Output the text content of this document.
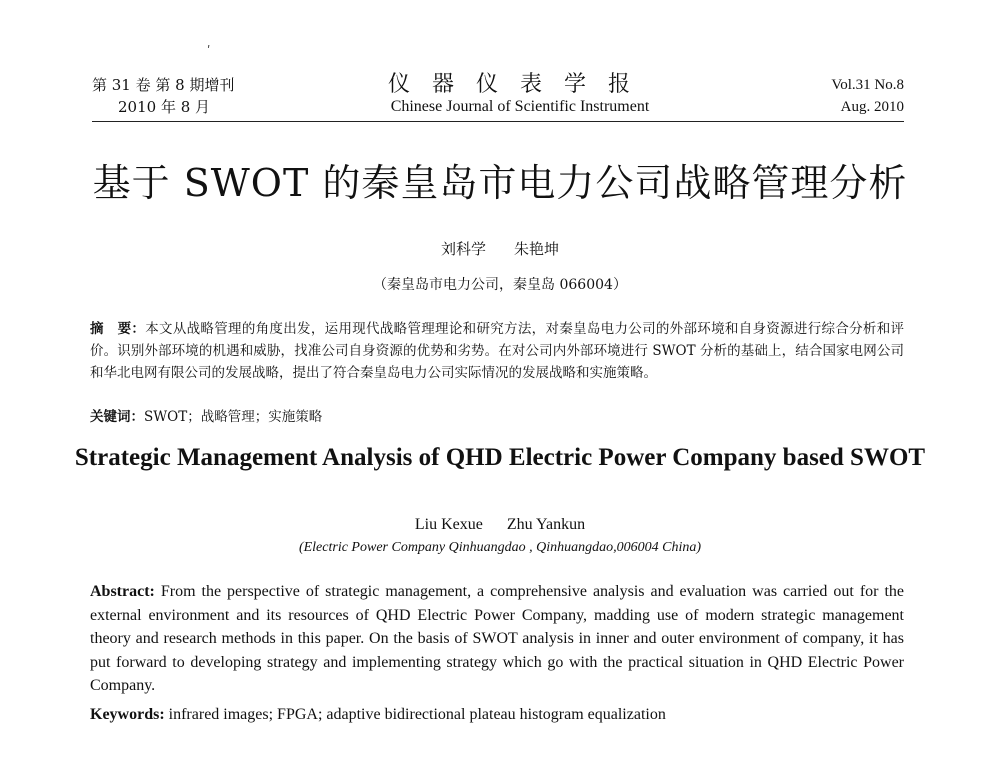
ʹ
第 31 卷 第 8 期增刊
2010 年 8 月
仪器仪表学报
Chinese Journal of Scientific Instrument
Vol.31 No.8
Aug. 2010
基于 SWOT 的秦皇岛市电力公司战略管理分析
刘科学 朱艳坤
（秦皇岛市电力公司，秦皇岛 066004）
摘　要：本文从战略管理的角度出发，运用现代战略管理理论和研究方法，对秦皇岛电力公司的外部环境和自身资源进行综合分析和评价。识别外部环境的机遇和威胁，找准公司自身资源的优势和劣势。在对公司内外部环境进行 SWOT 分析的基础上，结合国家电网公司和华北电网有限公司的发展战略，提出了符合秦皇岛电力公司实际情况的发展战略和实施策略。
关键词：SWOT；战略管理；实施策略
Strategic Management Analysis of QHD Electric Power Company based SWOT
Liu Kexue Zhu Yankun
(Electric Power Company Qinhuangdao , Qinhuangdao,006004 China)
Abstract: From the perspective of strategic management, a comprehensive analysis and evaluation was carried out for the external environment and its resources of QHD Electric Power Company, madding use of modern strategic management theory and research methods in this paper. On the basis of SWOT analysis in inner and outer environment of company, it has put forward to developing strategy and implementing strategy which go with the practical situation in QHD Electric Power Company.
Keywords: infrared images; FPGA; adaptive bidirectional plateau histogram equalization
